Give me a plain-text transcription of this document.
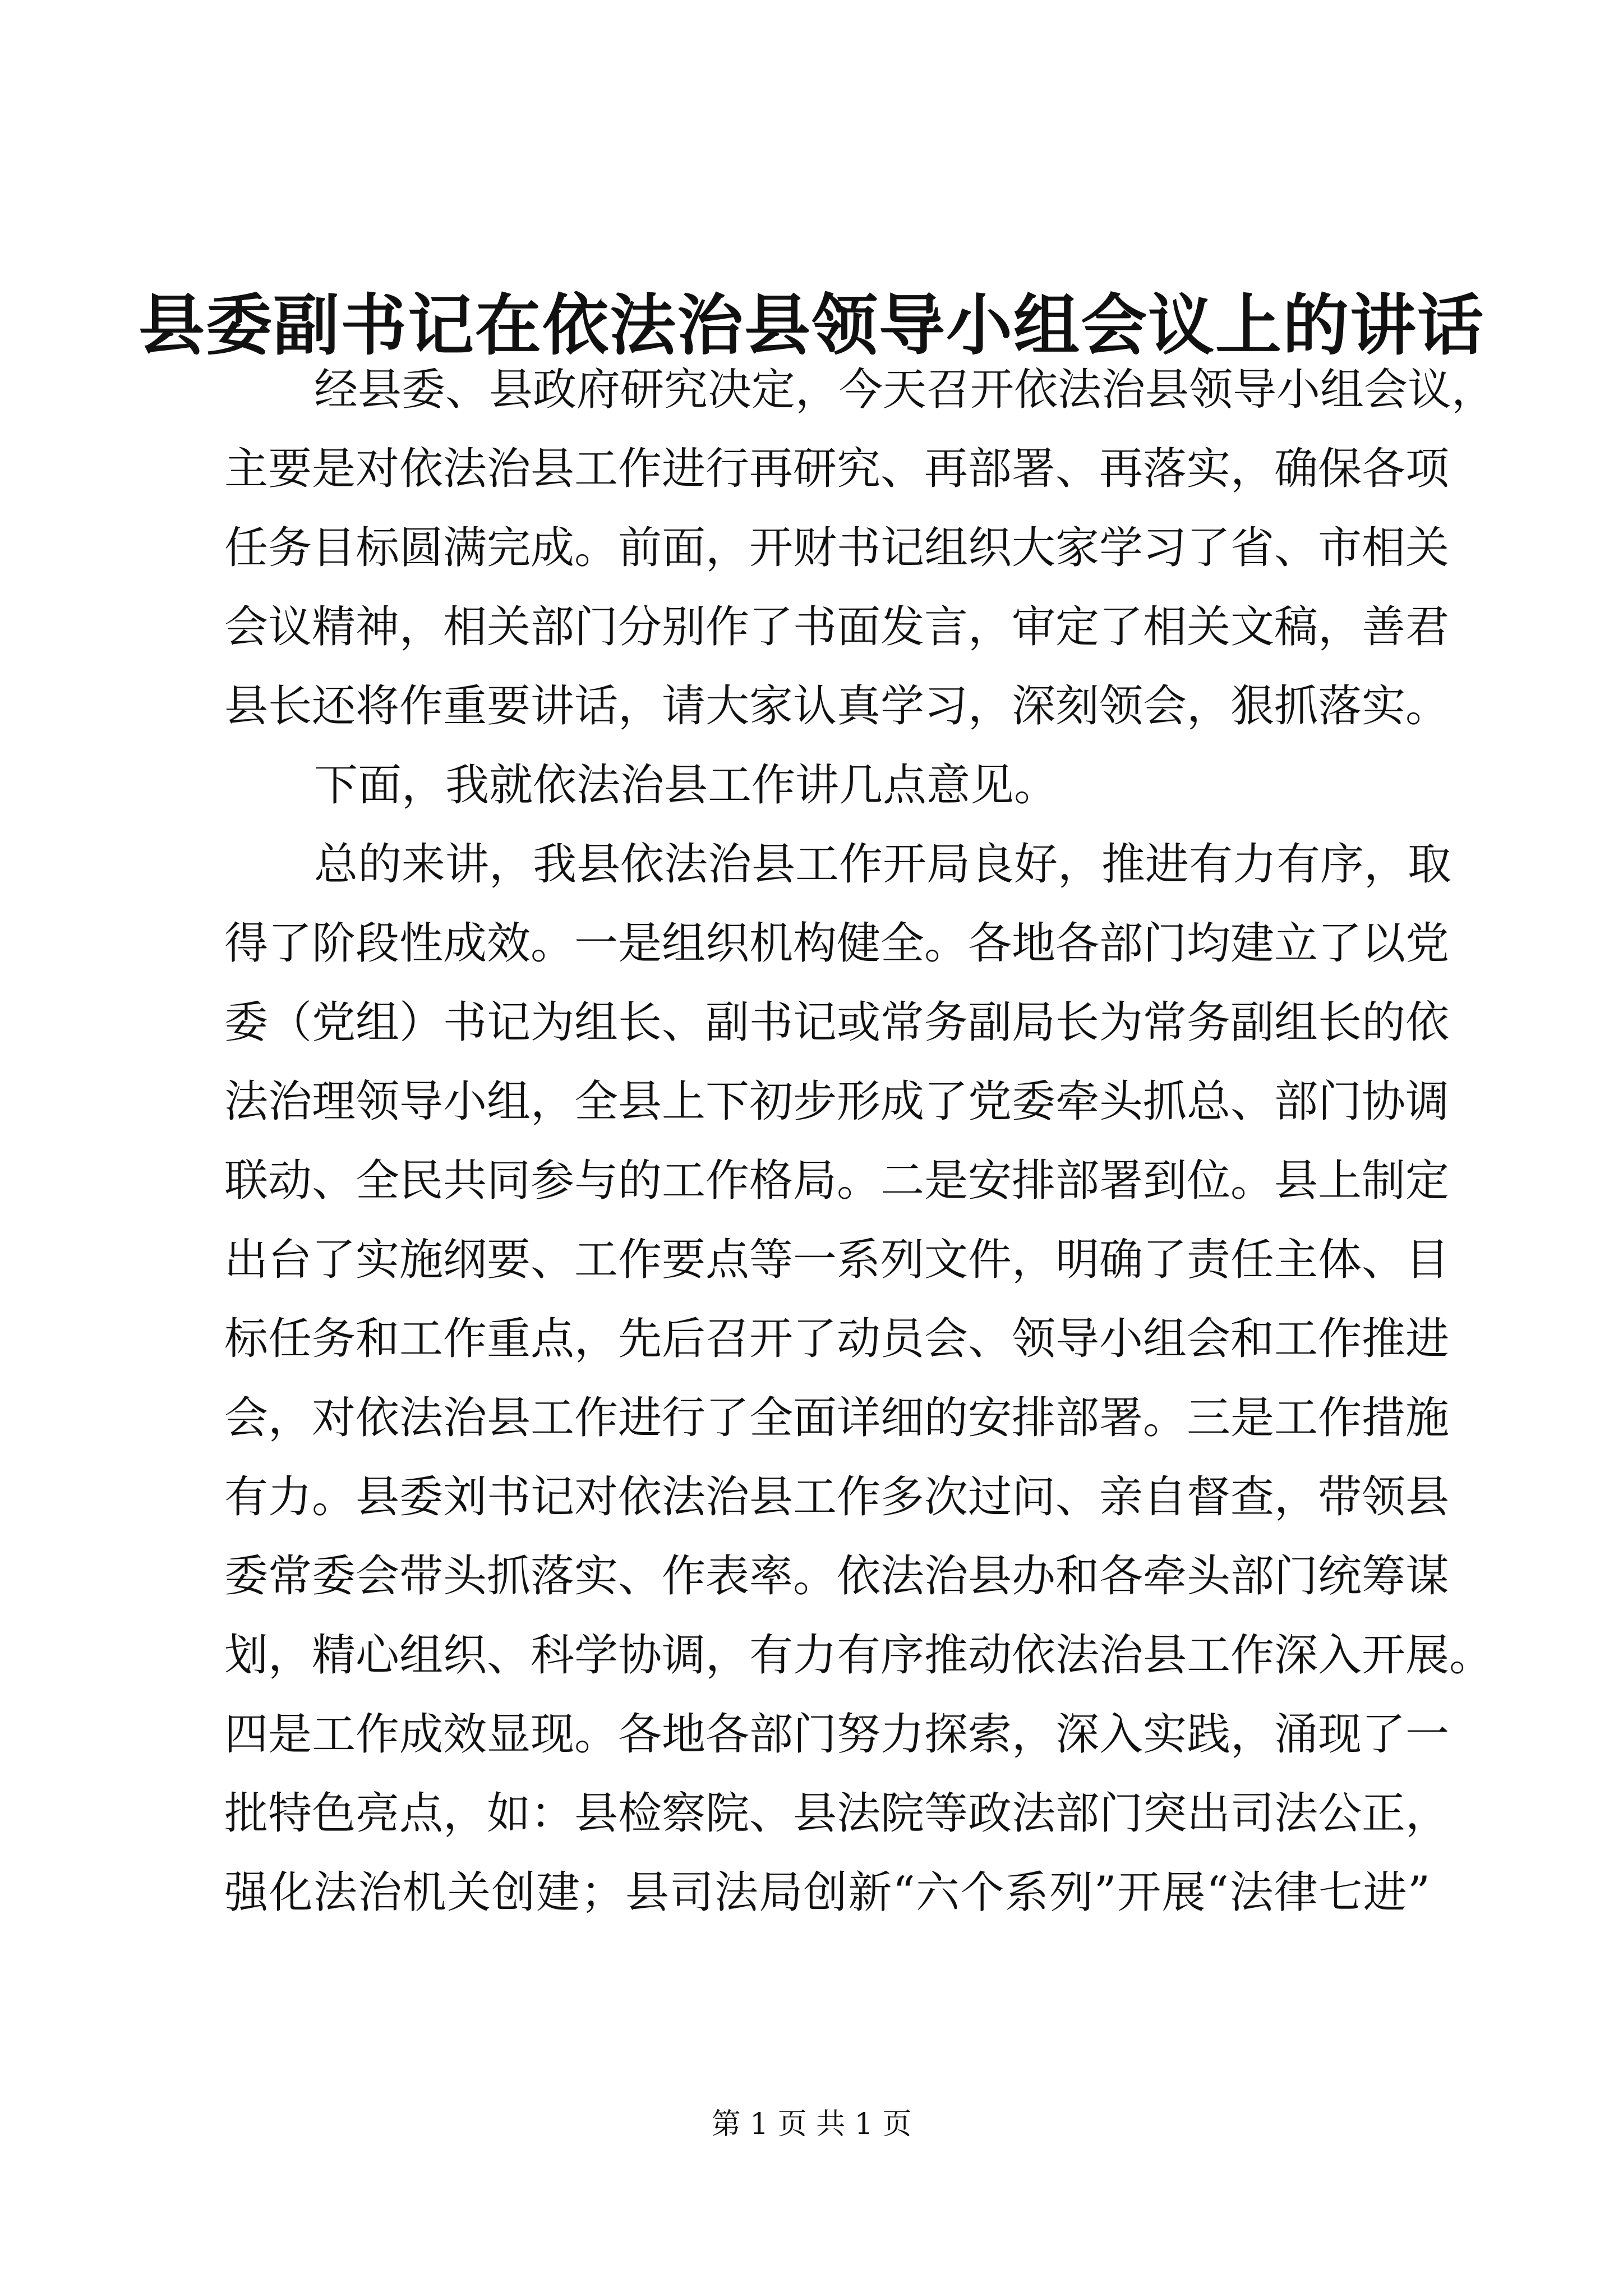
县委副书记在依法治县领导小组会议上的讲话
经县委、县政府研究决定，今天召开依法治县领导小组会议，
主要是对依法治县工作进行再研究、再部署、再落实，确保各项
任务目标圆满完成。前面，开财书记组织大家学习了省、市相关
会议精神，相关部门分别作了书面发言，审定了相关文稿，善君
县长还将作重要讲话，请大家认真学习，深刻领会，狠抓落实。
下面，我就依法治县工作讲几点意见。
总的来讲，我县依法治县工作开局良好，推进有力有序，取
得了阶段性成效。一是组织机构健全。各地各部门均建立了以党
委（党组）书记为组长、副书记或常务副局长为常务副组长的依
法治理领导小组，全县上下初步形成了党委牵头抓总、部门协调
联动、全民共同参与的工作格局。二是安排部署到位。县上制定
出台了实施纲要、工作要点等一系列文件，明确了责任主体、目
标任务和工作重点，先后召开了动员会、领导小组会和工作推进
会，对依法治县工作进行了全面详细的安排部署。三是工作措施
有力。县委刘书记对依法治县工作多次过问、亲自督查，带领县
委常委会带头抓落实、作表率。依法治县办和各牵头部门统筹谋
划，精心组织、科学协调，有力有序推动依法治县工作深入开展。
四是工作成效显现。各地各部门努力探索，深入实践，涌现了一
批特色亮点，如：县检察院、县法院等政法部门突出司法公正，
强化法治机关创建；县司法局创新“六个系列”开展“法律七进”
第 1 页 共 1 页
